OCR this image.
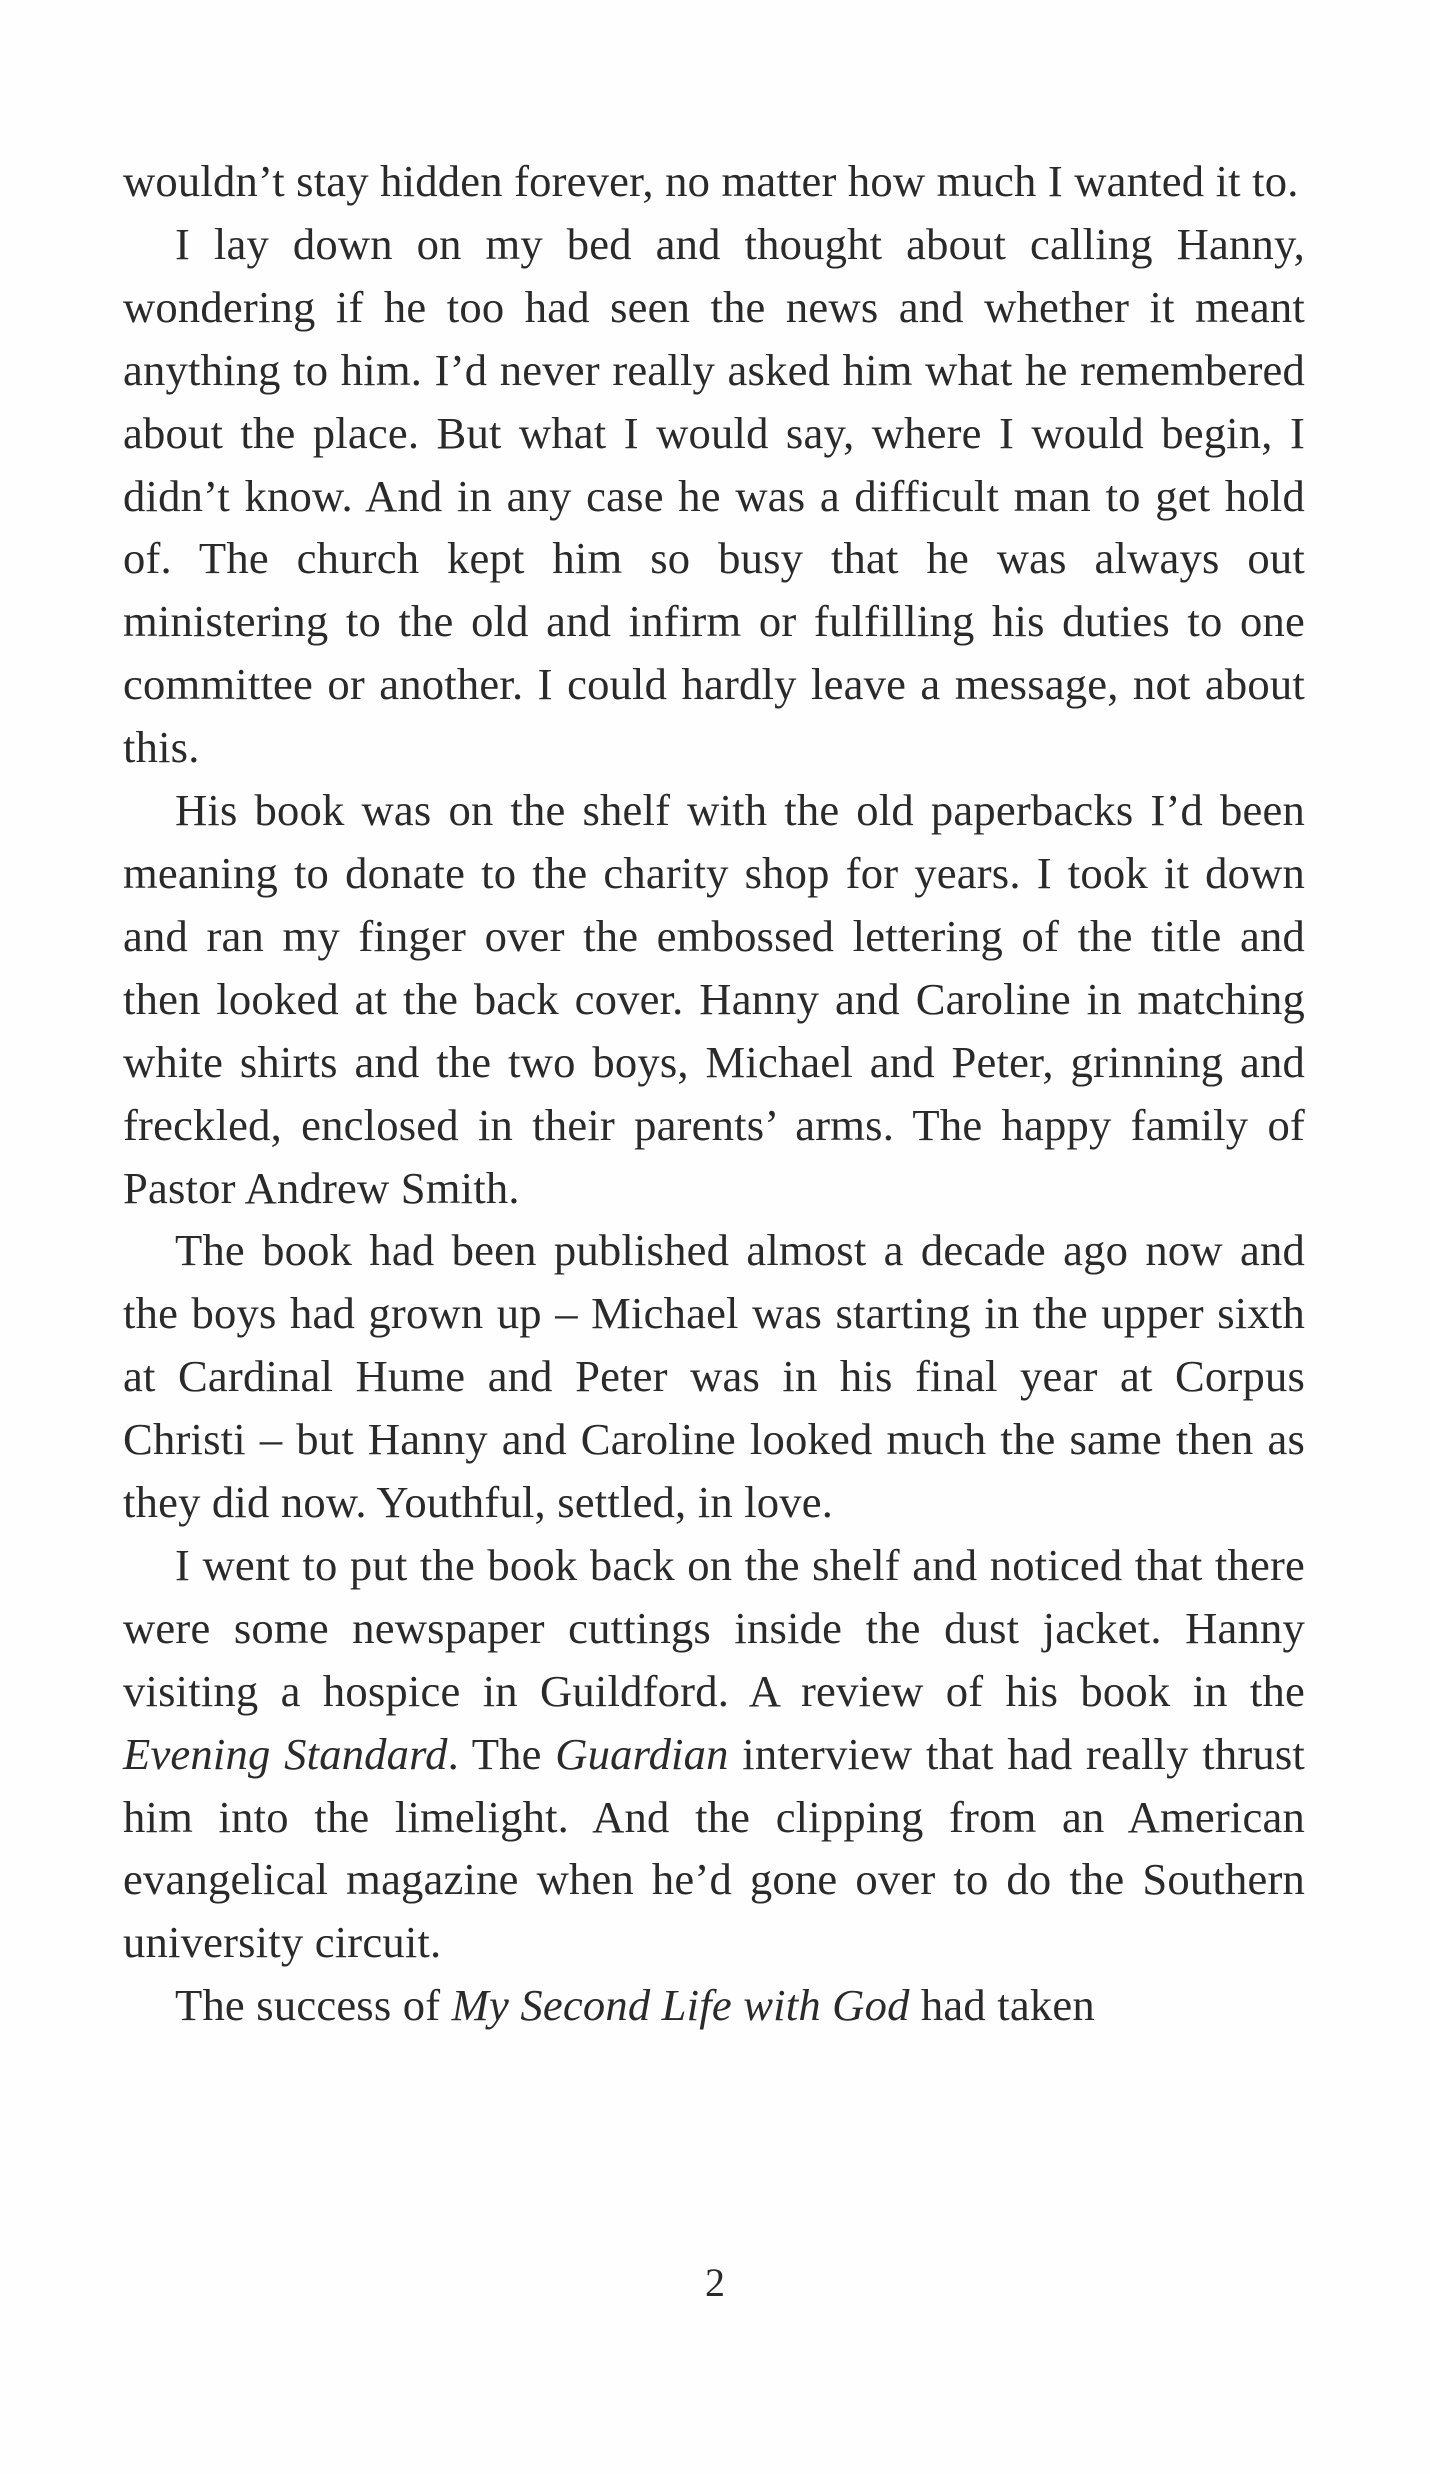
wouldn’t stay hidden forever, no matter how much I wanted it to.

I lay down on my bed and thought about calling Hanny, wondering if he too had seen the news and whether it meant anything to him. I’d never really asked him what he remembered about the place. But what I would say, where I would begin, I didn’t know. And in any case he was a difficult man to get hold of. The church kept him so busy that he was always out ministering to the old and infirm or fulfilling his duties to one committee or another. I could hardly leave a message, not about this.

His book was on the shelf with the old paperbacks I’d been meaning to donate to the charity shop for years. I took it down and ran my finger over the embossed lettering of the title and then looked at the back cover. Hanny and Caroline in matching white shirts and the two boys, Michael and Peter, grinning and freckled, enclosed in their parents’ arms. The happy family of Pastor Andrew Smith.

The book had been published almost a decade ago now and the boys had grown up – Michael was starting in the upper sixth at Cardinal Hume and Peter was in his final year at Corpus Christi – but Hanny and Caroline looked much the same then as they did now. Youthful, settled, in love.

I went to put the book back on the shelf and noticed that there were some newspaper cuttings inside the dust jacket. Hanny visiting a hospice in Guildford. A review of his book in the Evening Standard. The Guardian interview that had really thrust him into the limelight. And the clipping from an American evangelical magazine when he’d gone over to do the Southern university circuit.

The success of My Second Life with God had taken

2
